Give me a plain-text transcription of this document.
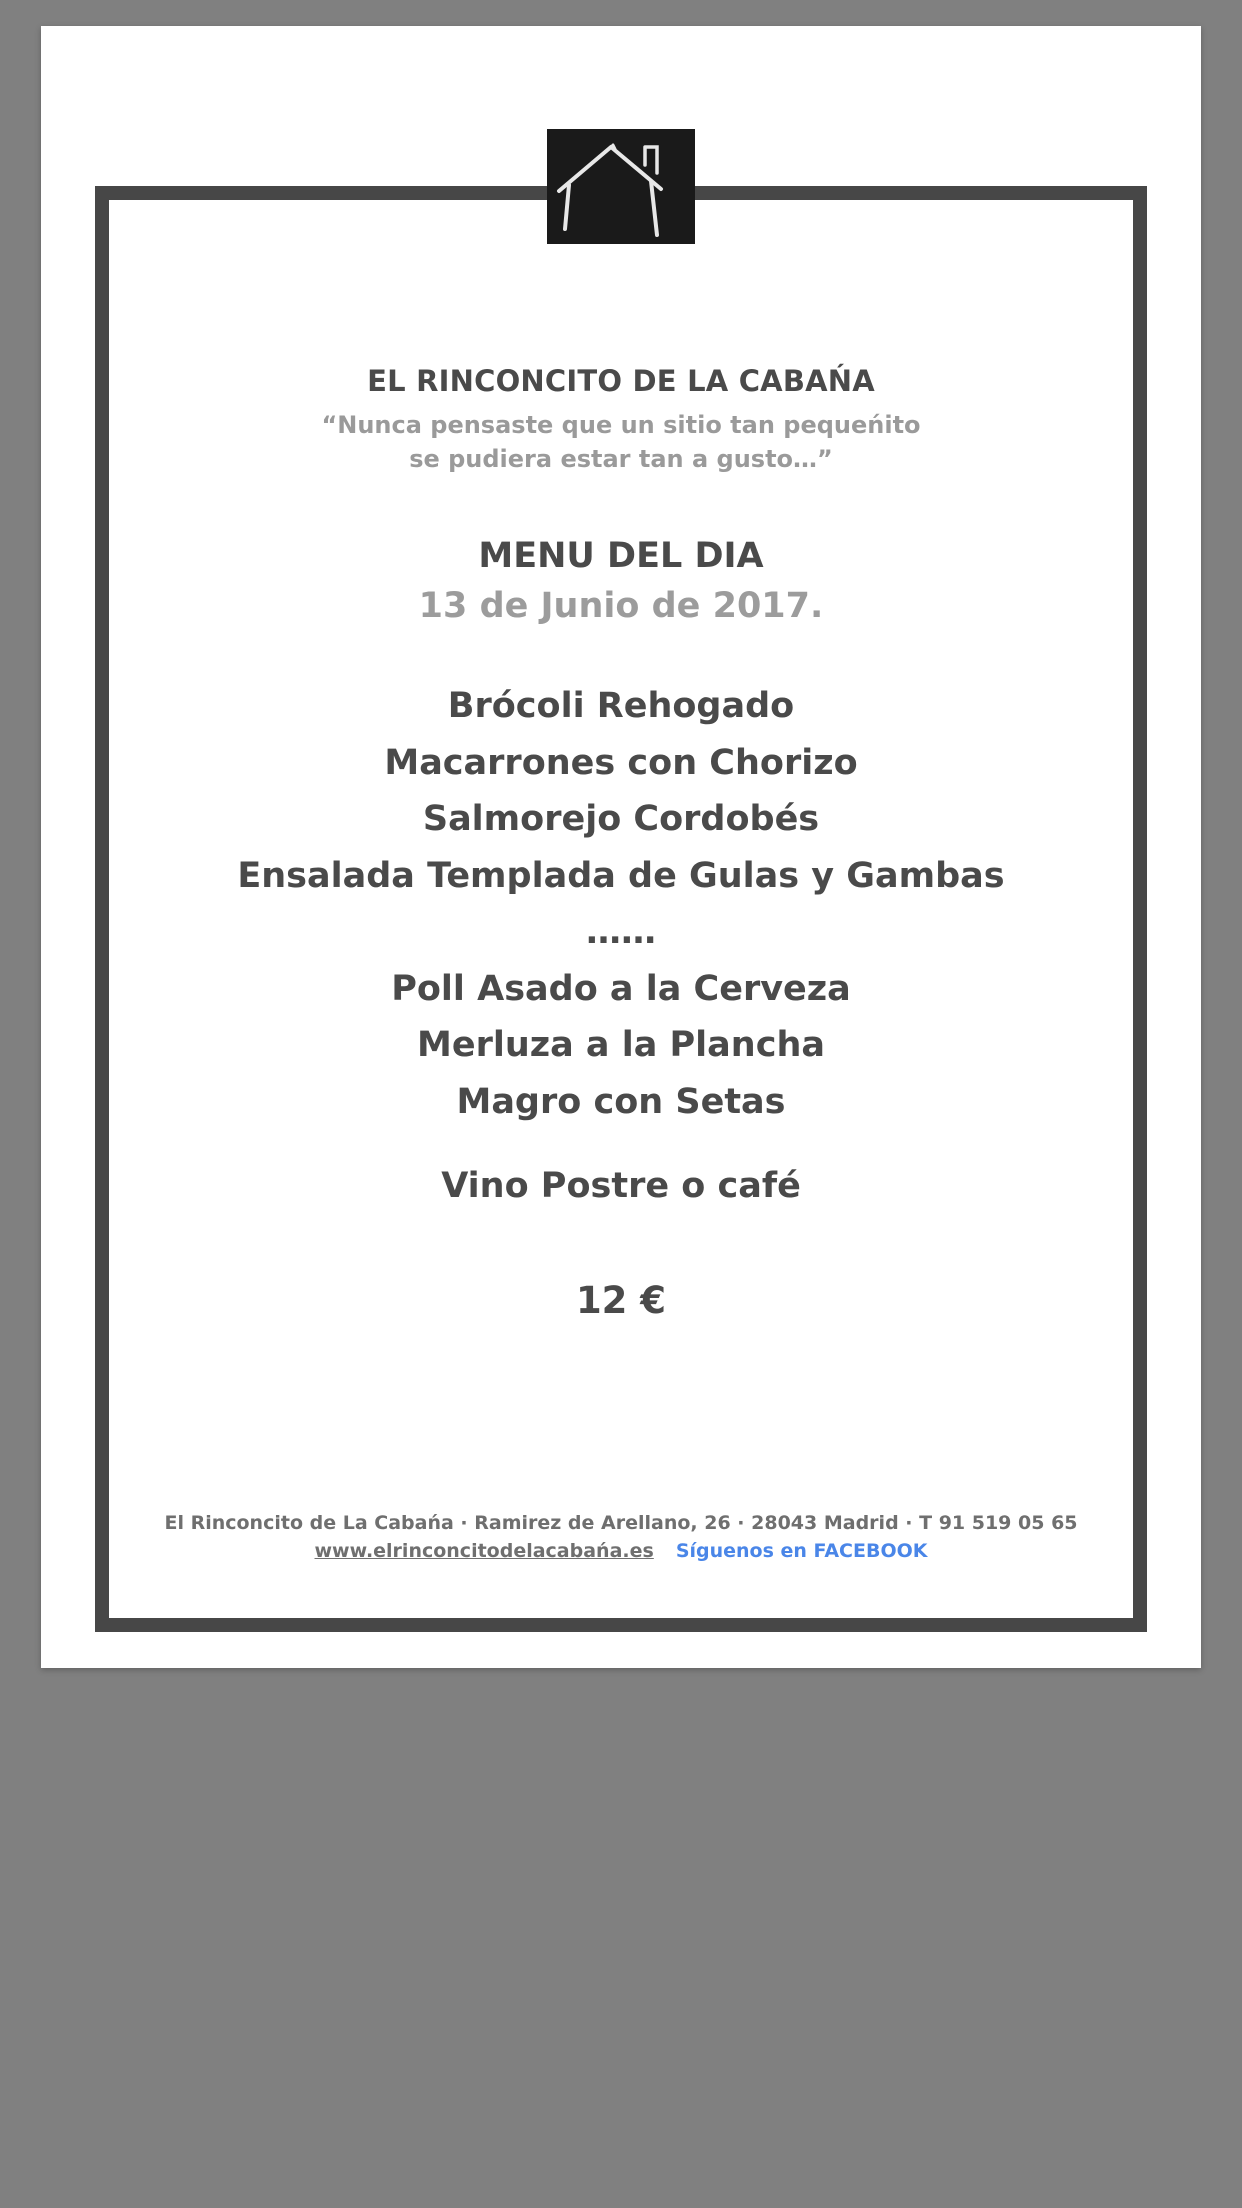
EL RINCONCITO DE LA CABAŃA
“Nunca pensaste que un sitio tan pequeńito
se pudiera estar tan a gusto…”
MENU DEL DIA
13 de Junio de 2017.
Brócoli Rehogado
Macarrones con Chorizo
Salmorejo Cordobés
Ensalada Templada de Gulas y Gambas
……
Poll Asado a la Cerveza
Merluza a la Plancha
Magro con Setas
Vino Postre o café
12 €
El Rinconcito de La Cabańa · Ramirez de Arellano, 26 · 28043 Madrid · T 91 519 05 65
www.elrinconcitodelacabańa.es Síguenos en FACEBOOK
